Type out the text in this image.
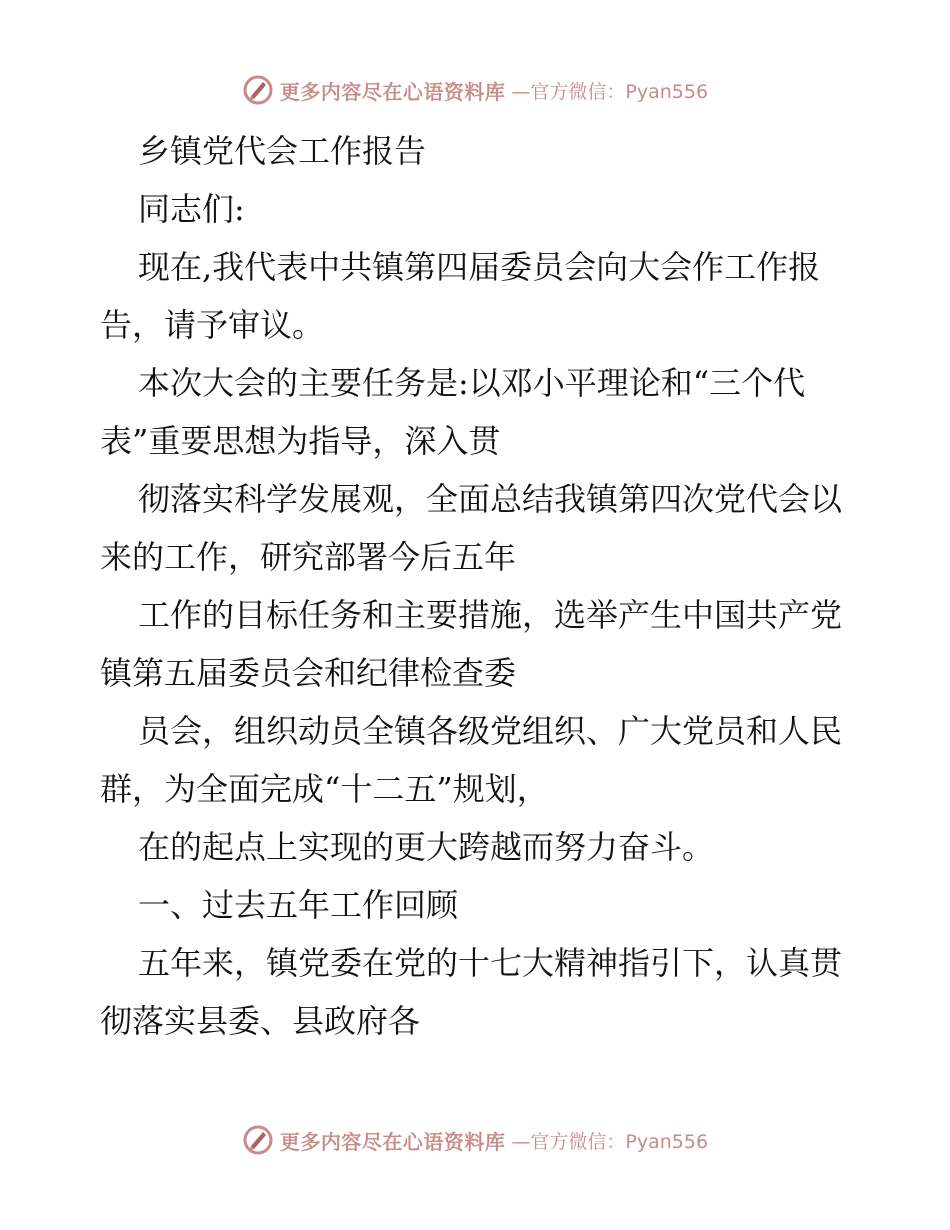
更多内容尽在心语资料库 —官方微信：Pyan556

乡镇党代会工作报告

同志们:

现在,我代表中共镇第四届委员会向大会作工作报告，请予审议。

本次大会的主要任务是:以邓小平理论和“三个代表”重要思想为指导，深入贯

彻落实科学发展观，全面总结我镇第四次党代会以来的工作，研究部署今后五年

工作的目标任务和主要措施，选举产生中国共产党镇第五届委员会和纪律检查委

员会，组织动员全镇各级党组织、广大党员和人民群，为全面完成“十二五”规划，

在的起点上实现的更大跨越而努力奋斗。

一、过去五年工作回顾

五年来，镇党委在党的十七大精神指引下，认真贯彻落实县委、县政府各

更多内容尽在心语资料库 —官方微信：Pyan556
